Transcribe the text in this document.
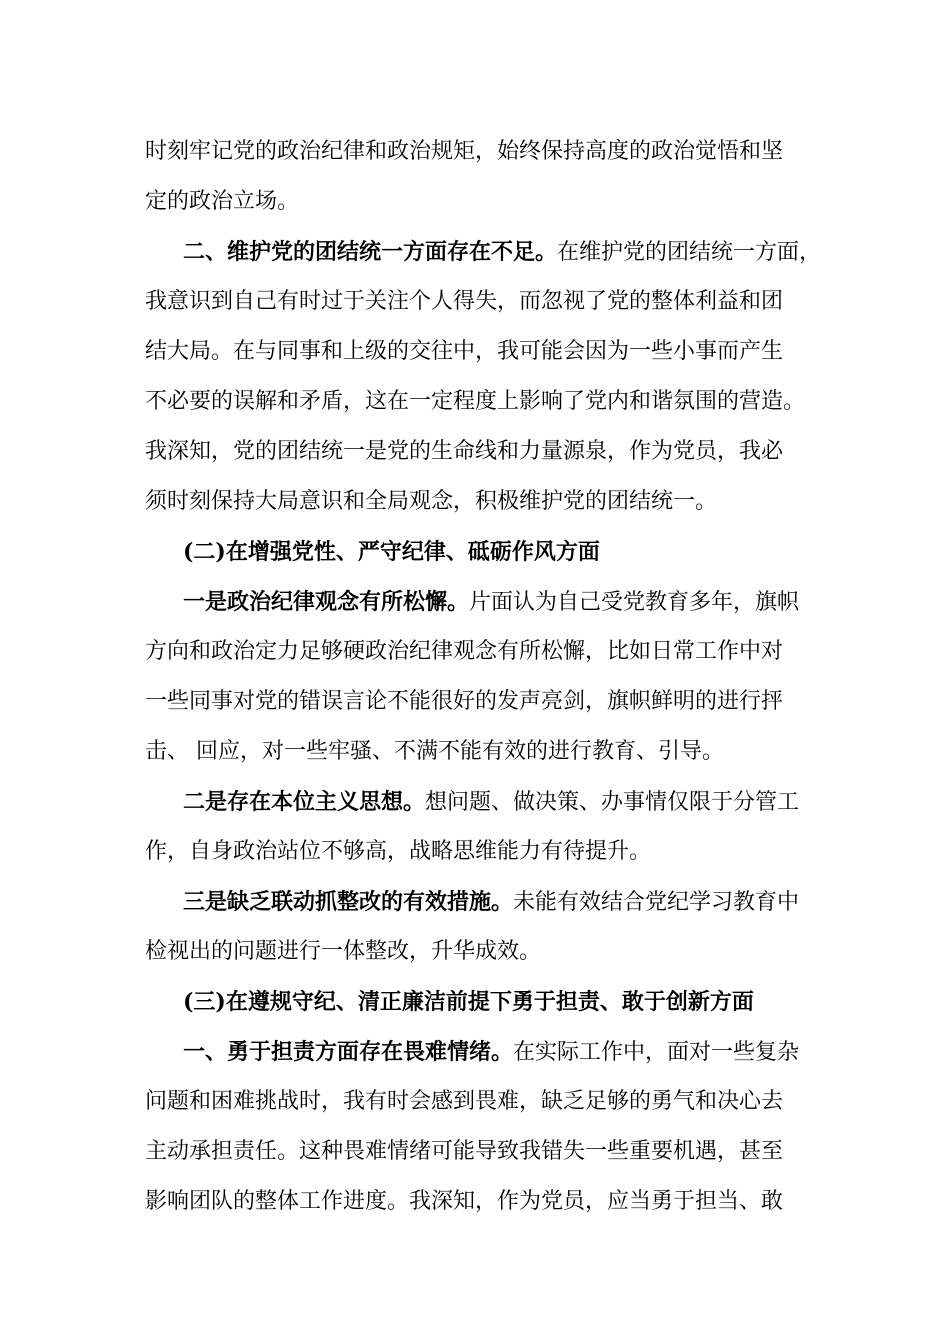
时刻牢记党的政治纪律和政治规矩，始终保持高度的政治觉悟和坚
定的政治立场。
二、维护党的团结统一方面存在不足。在维护党的团结统一方面，
我意识到自己有时过于关注个人得失，而忽视了党的整体利益和团
结大局。在与同事和上级的交往中，我可能会因为一些小事而产生
不必要的误解和矛盾，这在一定程度上影响了党内和谐氛围的营造。
我深知，党的团结统一是党的生命线和力量源泉，作为党员，我必
须时刻保持大局意识和全局观念，积极维护党的团结统一。
(二)在增强党性、严守纪律、砥砺作风方面
一是政治纪律观念有所松懈。片面认为自己受党教育多年，旗帜
方向和政治定力足够硬政治纪律观念有所松懈，比如日常工作中对
一些同事对党的错误言论不能很好的发声亮剑，旗帜鲜明的进行抨
击、 回应，对一些牢骚、不满不能有效的进行教育、引导。
二是存在本位主义思想。想问题、做决策、办事情仅限于分管工
作，自身政治站位不够高，战略思维能力有待提升。
三是缺乏联动抓整改的有效措施。未能有效结合党纪学习教育中
检视出的问题进行一体整改，升华成效。
(三)在遵规守纪、清正廉洁前提下勇于担责、敢于创新方面
一、勇于担责方面存在畏难情绪。在实际工作中，面对一些复杂
问题和困难挑战时，我有时会感到畏难，缺乏足够的勇气和决心去
主动承担责任。这种畏难情绪可能导致我错失一些重要机遇，甚至
影响团队的整体工作进度。我深知，作为党员，应当勇于担当、敢
